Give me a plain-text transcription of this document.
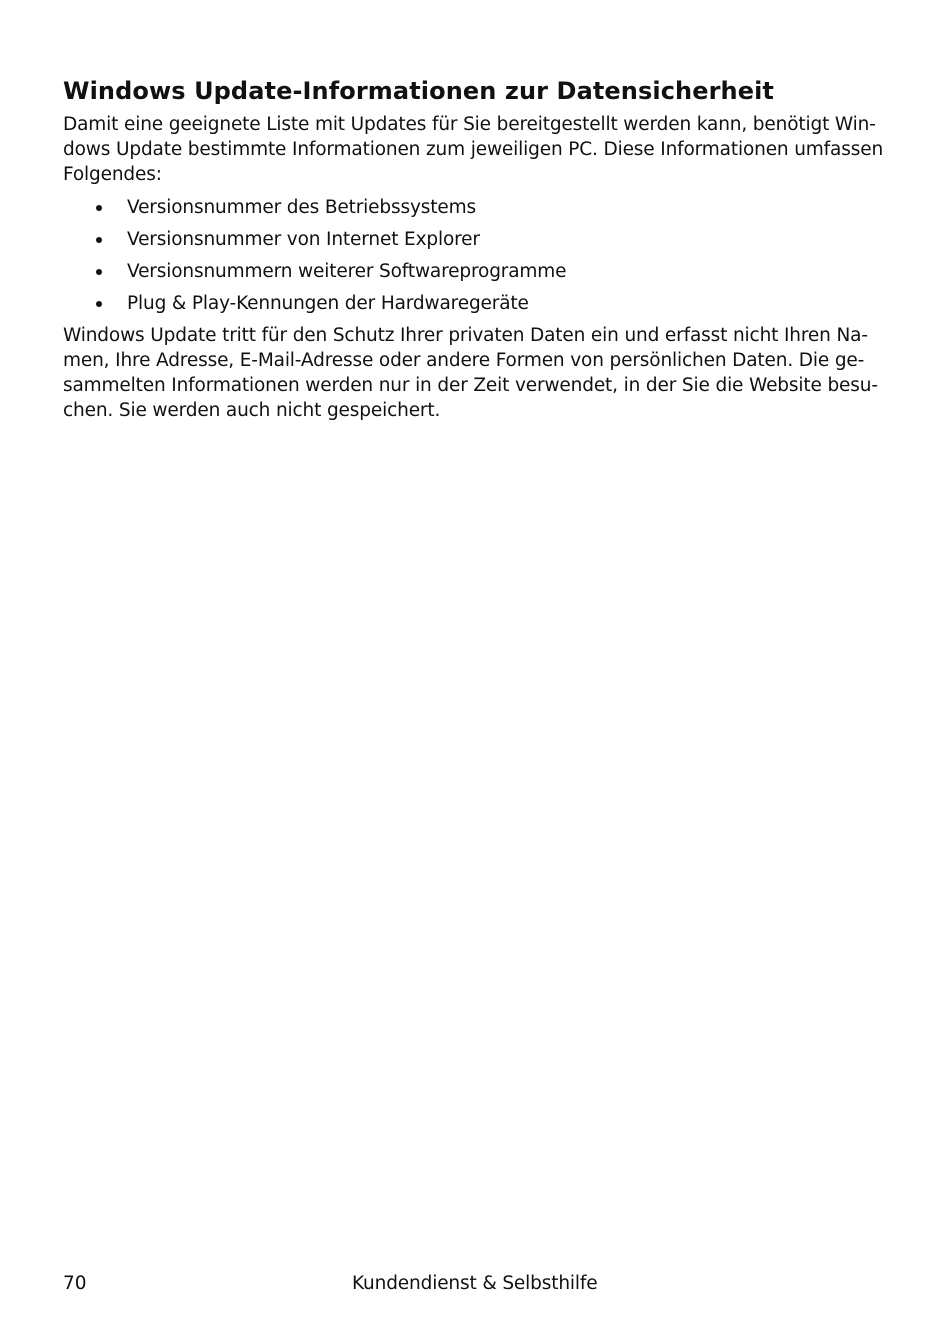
Windows Update-Informationen zur Datensicherheit

Damit eine geeignete Liste mit Updates für Sie bereitgestellt werden kann, benötigt Win-
dows Update bestimmte Informationen zum jeweiligen PC. Diese Informationen umfassen
Folgendes:

Versionsnummer des Betriebssystems
Versionsnummer von Internet Explorer
Versionsnummern weiterer Softwareprogramme
Plug & Play-Kennungen der Hardwaregeräte

Windows Update tritt für den Schutz Ihrer privaten Daten ein und erfasst nicht Ihren Na-
men, Ihre Adresse, E-Mail-Adresse oder andere Formen von persönlichen Daten. Die ge-
sammelten Informationen werden nur in der Zeit verwendet, in der Sie die Website besu-
chen. Sie werden auch nicht gespeichert.

70	Kundendienst & Selbsthilfe
